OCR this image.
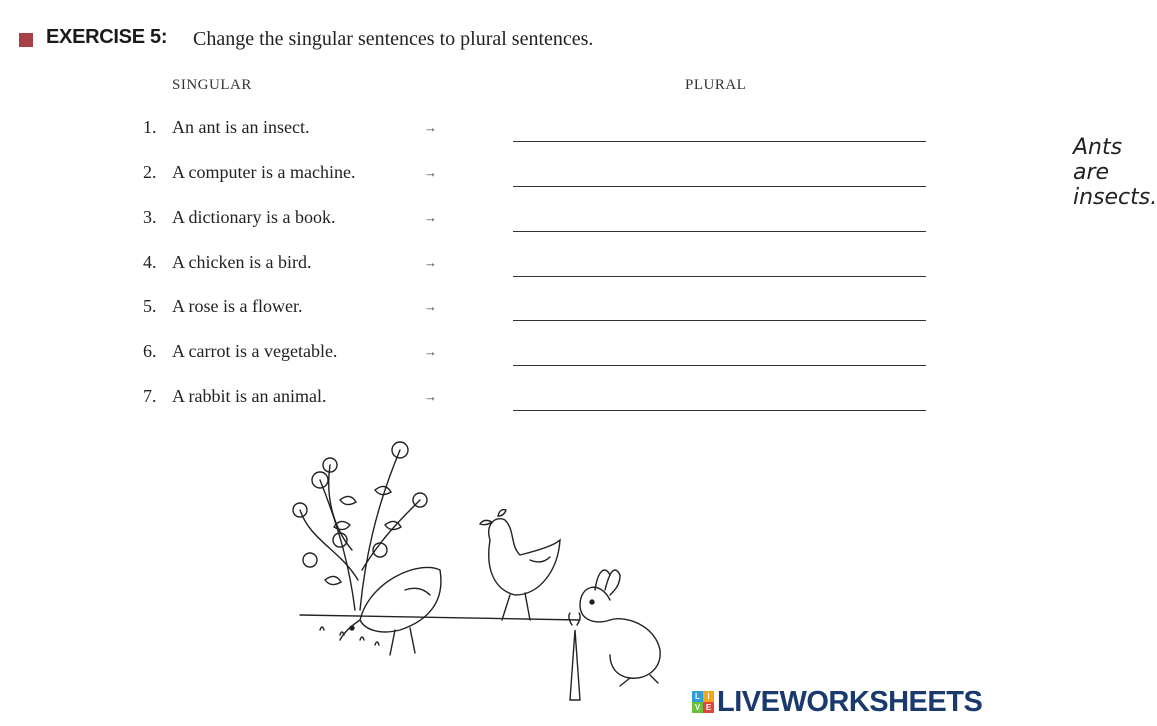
EXERCISE 5: Change the singular sentences to plural sentences.
SINGULAR	PLURAL
1. An ant is an insect.	→
Ants are insects.
2. A computer is a machine.	→
3. A dictionary is a book.	→
4. A chicken is a bird.	→
5. A rose is a flower.	→
6. A carrot is a vegetable.	→
7. A rabbit is an animal.	→
L I
V E LIVEWORKSHEETS
